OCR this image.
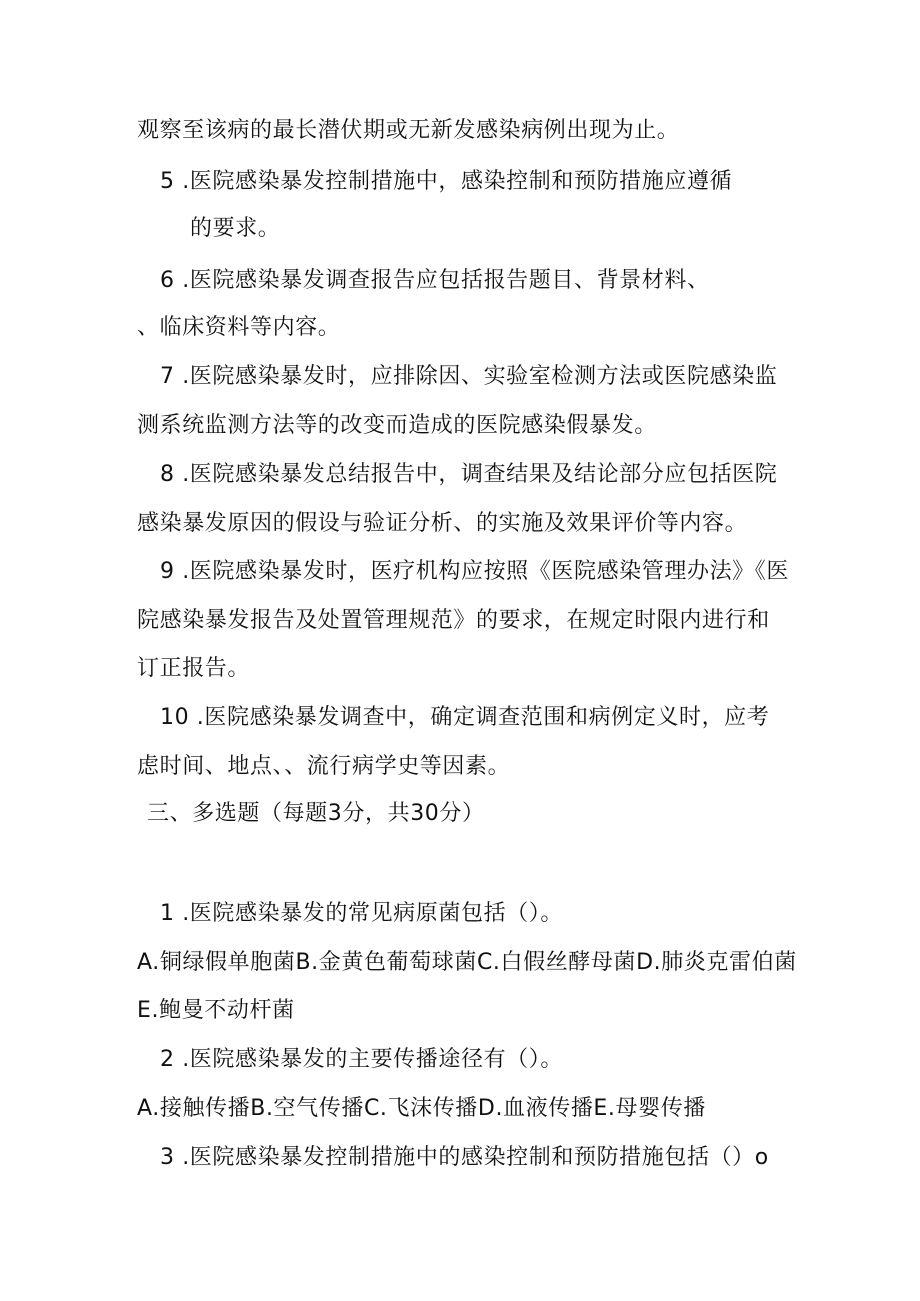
观察至该病的最长潜伏期或无新发感染病例出现为止。
5 .医院感染暴发控制措施中，感染控制和预防措施应遵循
的要求。
6 .医院感染暴发调查报告应包括报告题目、背景材料、
、临床资料等内容。
7 .医院感染暴发时，应排除因、实验室检测方法或医院感染监
测系统监测方法等的改变而造成的医院感染假暴发。
8 .医院感染暴发总结报告中，调查结果及结论部分应包括医院
感染暴发原因的假设与验证分析、的实施及效果评价等内容。
9 .医院感染暴发时，医疗机构应按照《医院感染管理办法》《医
院感染暴发报告及处置管理规范》的要求，在规定时限内进行和
订正报告。
10 .医院感染暴发调查中，确定调查范围和病例定义时，应考
虑时间、地点、、流行病学史等因素。
三、多选题（每题3分，共30分）
1 .医院感染暴发的常见病原菌包括（）。
A.铜绿假单胞菌B.金黄色葡萄球菌C.白假丝酵母菌D.肺炎克雷伯菌
E.鲍曼不动杆菌
2 .医院感染暴发的主要传播途径有（）。
A.接触传播B.空气传播C.飞沫传播D.血液传播E.母婴传播
3 .医院感染暴发控制措施中的感染控制和预防措施包括（）o
